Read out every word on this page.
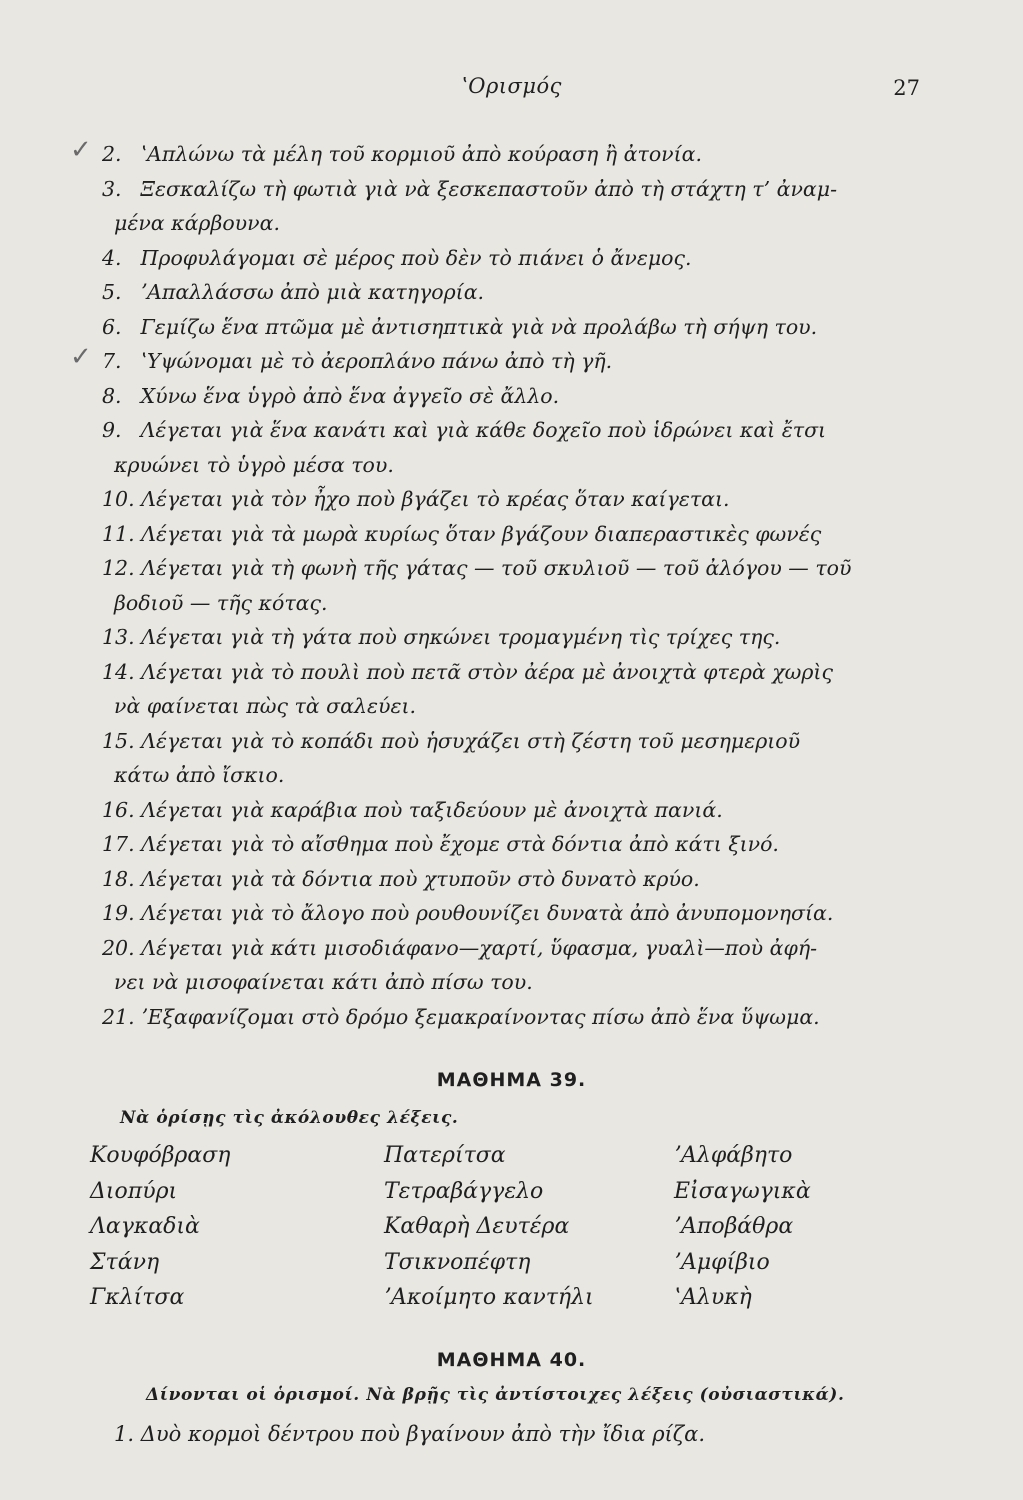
ʽΟρισμός	27
✓ 2. ʽΑπλώνω τὰ μέλη τοῦ κορμιοῦ ἀπὸ κούραση ἢ ἀτονία.
3. Ξεσκαλίζω τὴ φωτιὰ γιὰ νὰ ξεσκεπαστοῦν ἀπὸ τὴ στάχτη τ’ ἀναμ-
μένα κάρβουνα.
4. Προφυλάγομαι σὲ μέρος ποὺ δὲν τὸ πιάνει ὁ ἄνεμος.
5. ʼΑπαλλάσσω ἀπὸ μιὰ κατηγορία.
6. Γεμίζω ἕνα πτῶμα μὲ ἀντισηπτικὰ γιὰ νὰ προλάβω τὴ σήψη του.
✓ 7. ʽΥψώνομαι μὲ τὸ ἀεροπλάνο πάνω ἀπὸ τὴ γῆ.
8. Χύνω ἕνα ὑγρὸ ἀπὸ ἕνα ἀγγεῖο σὲ ἄλλο.
9. Λέγεται γιὰ ἕνα κανάτι καὶ γιὰ κάθε δοχεῖο ποὺ ἱδρώνει καὶ ἔτσι
κρυώνει τὸ ὑγρὸ μέσα του.
10. Λέγεται γιὰ τὸν ἦχο ποὺ βγάζει τὸ κρέας ὅταν καίγεται.
11. Λέγεται γιὰ τὰ μωρὰ κυρίως ὅταν βγάζουν διαπεραστικὲς φωνές
12. Λέγεται γιὰ τὴ φωνὴ τῆς γάτας — τοῦ σκυλιοῦ — τοῦ ἀλόγου — τοῦ
βοδιοῦ — τῆς κότας.
13. Λέγεται γιὰ τὴ γάτα ποὺ σηκώνει τρομαγμένη τὶς τρίχες της.
14. Λέγεται γιὰ τὸ πουλὶ ποὺ πετᾶ στὸν ἀέρα μὲ ἀνοιχτὰ φτερὰ χωρὶς
νὰ φαίνεται πὼς τὰ σαλεύει.
15. Λέγεται γιὰ τὸ κοπάδι ποὺ ἡσυχάζει στὴ ζέστη τοῦ μεσημεριοῦ
κάτω ἀπὸ ἴσκιο.
16. Λέγεται γιὰ καράβια ποὺ ταξιδεύουν μὲ ἀνοιχτὰ πανιά.
17. Λέγεται γιὰ τὸ αἴσθημα ποὺ ἔχομε στὰ δόντια ἀπὸ κάτι ξινό.
18. Λέγεται γιὰ τὰ δόντια ποὺ χτυποῦν στὸ δυνατὸ κρύο.
19. Λέγεται γιὰ τὸ ἄλογο ποὺ ρουθουνίζει δυνατὰ ἀπὸ ἀνυπομονησία.
20. Λέγεται γιὰ κάτι μισοδιάφανο—χαρτί, ὕφασμα, γυαλὶ—ποὺ ἀφή-
νει νὰ μισοφαίνεται κάτι ἀπὸ πίσω του.
21. ʼΕξαφανίζομαι στὸ δρόμο ξεμακραίνοντας πίσω ἀπὸ ἕνα ὕψωμα.
ΜΑΘΗΜΑ 39.
Νὰ ὁρίσῃς τὶς ἀκόλουθες λέξεις.
Κουφόβραση	Πατερίτσα	ʼΑλφάβητο
Διοπύρι	Τετραβάγγελο	Εἰσαγωγικὰ
Λαγκαδιὰ	Καθαρὴ Δευτέρα	ʼΑποβάθρα
Στάνη	Τσικνοπέφτη	ʼΑμφίβιο
Γκλίτσα	ʼΑκοίμητο καντήλι	ʽΑλυκὴ
ΜΑΘΗΜΑ 40.
Δίνονται οἱ ὁρισμοί. Νὰ βρῇς τὶς ἀντίστοιχες λέξεις (οὐσιαστικά).
1. Δυὸ κορμοὶ δέντρου ποὺ βγαίνουν ἀπὸ τὴν ἴδια ρίζα.
